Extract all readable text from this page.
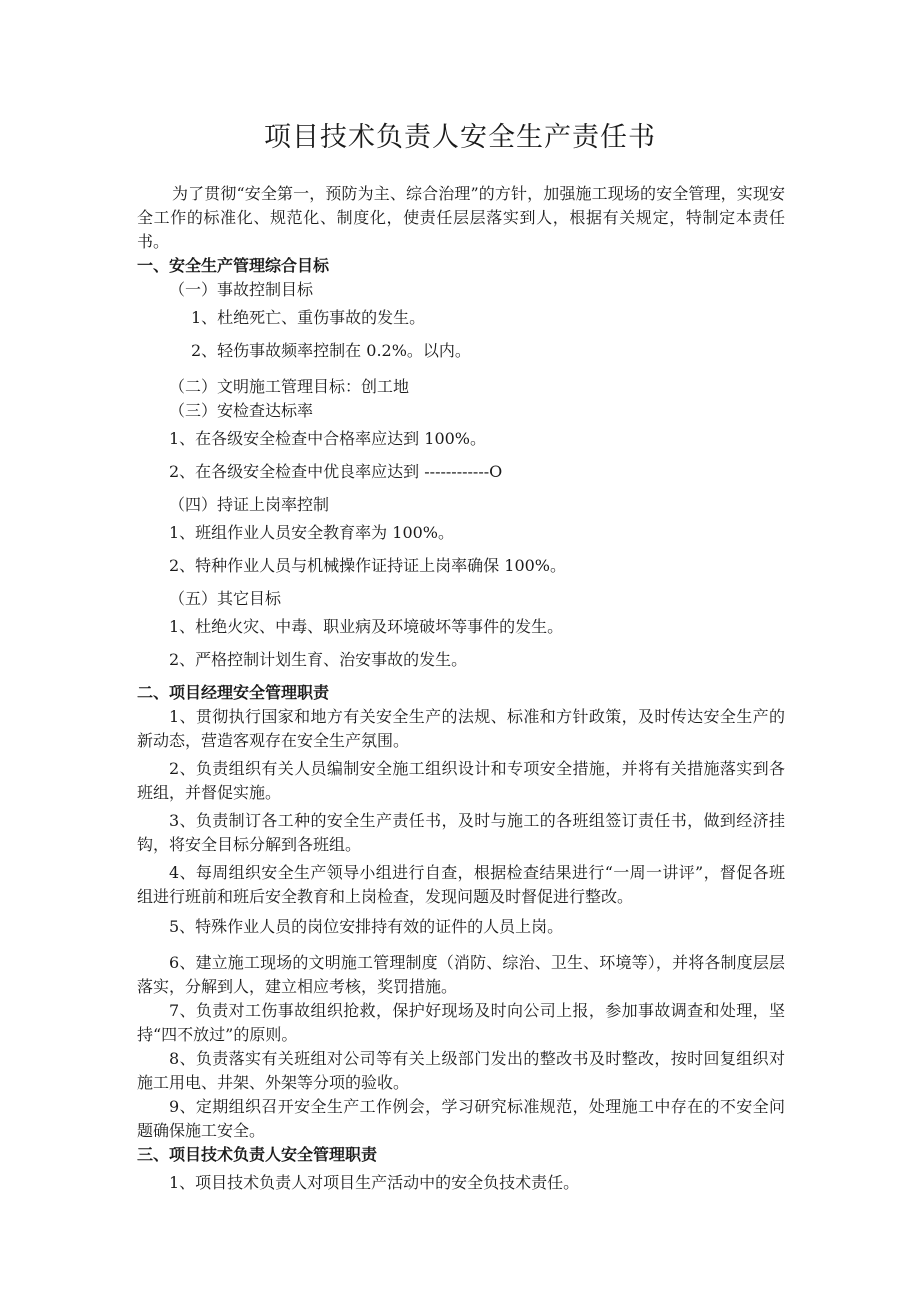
项目技术负责人安全生产责任书

为了贯彻“安全第一，预防为主、综合治理”的方针，加强施工现场的安全管理，实现安全工作的标准化、规范化、制度化，使责任层层落实到人，根据有关规定，特制定本责任书。

一、安全生产管理综合目标

（一）事故控制目标

1、杜绝死亡、重伤事故的发生。

2、轻伤事故频率控制在 0.2%。以内。

（二）文明施工管理目标：创工地

（三）安检查达标率

1、在各级安全检查中合格率应达到 100%。

2、在各级安全检查中优良率应达到 ------------O

（四）持证上岗率控制

1、班组作业人员安全教育率为 100%。

2、特种作业人员与机械操作证持证上岗率确保 100%。

（五）其它目标

1、杜绝火灾、中毒、职业病及环境破坏等事件的发生。

2、严格控制计划生育、治安事故的发生。

二、项目经理安全管理职责

1、贯彻执行国家和地方有关安全生产的法规、标准和方针政策，及时传达安全生产的新动态，营造客观存在安全生产氛围。

2、负责组织有关人员编制安全施工组织设计和专项安全措施，并将有关措施落实到各班组，并督促实施。

3、负责制订各工种的安全生产责任书，及时与施工的各班组签订责任书，做到经济挂钩，将安全目标分解到各班组。

4、每周组织安全生产领导小组进行自查，根据检查结果进行“一周一讲评”，督促各班组进行班前和班后安全教育和上岗检查，发现问题及时督促进行整改。

5、特殊作业人员的岗位安排持有效的证件的人员上岗。

6、建立施工现场的文明施工管理制度（消防、综治、卫生、环境等），并将各制度层层落实，分解到人，建立相应考核，奖罚措施。

7、负责对工伤事故组织抢救，保护好现场及时向公司上报，参加事故调查和处理，坚持“四不放过”的原则。

8、负责落实有关班组对公司等有关上级部门发出的整改书及时整改，按时回复组织对施工用电、井架、外架等分项的验收。

9、定期组织召开安全生产工作例会，学习研究标准规范，处理施工中存在的不安全问题确保施工安全。

三、项目技术负责人安全管理职责

1、项目技术负责人对项目生产活动中的安全负技术责任。
